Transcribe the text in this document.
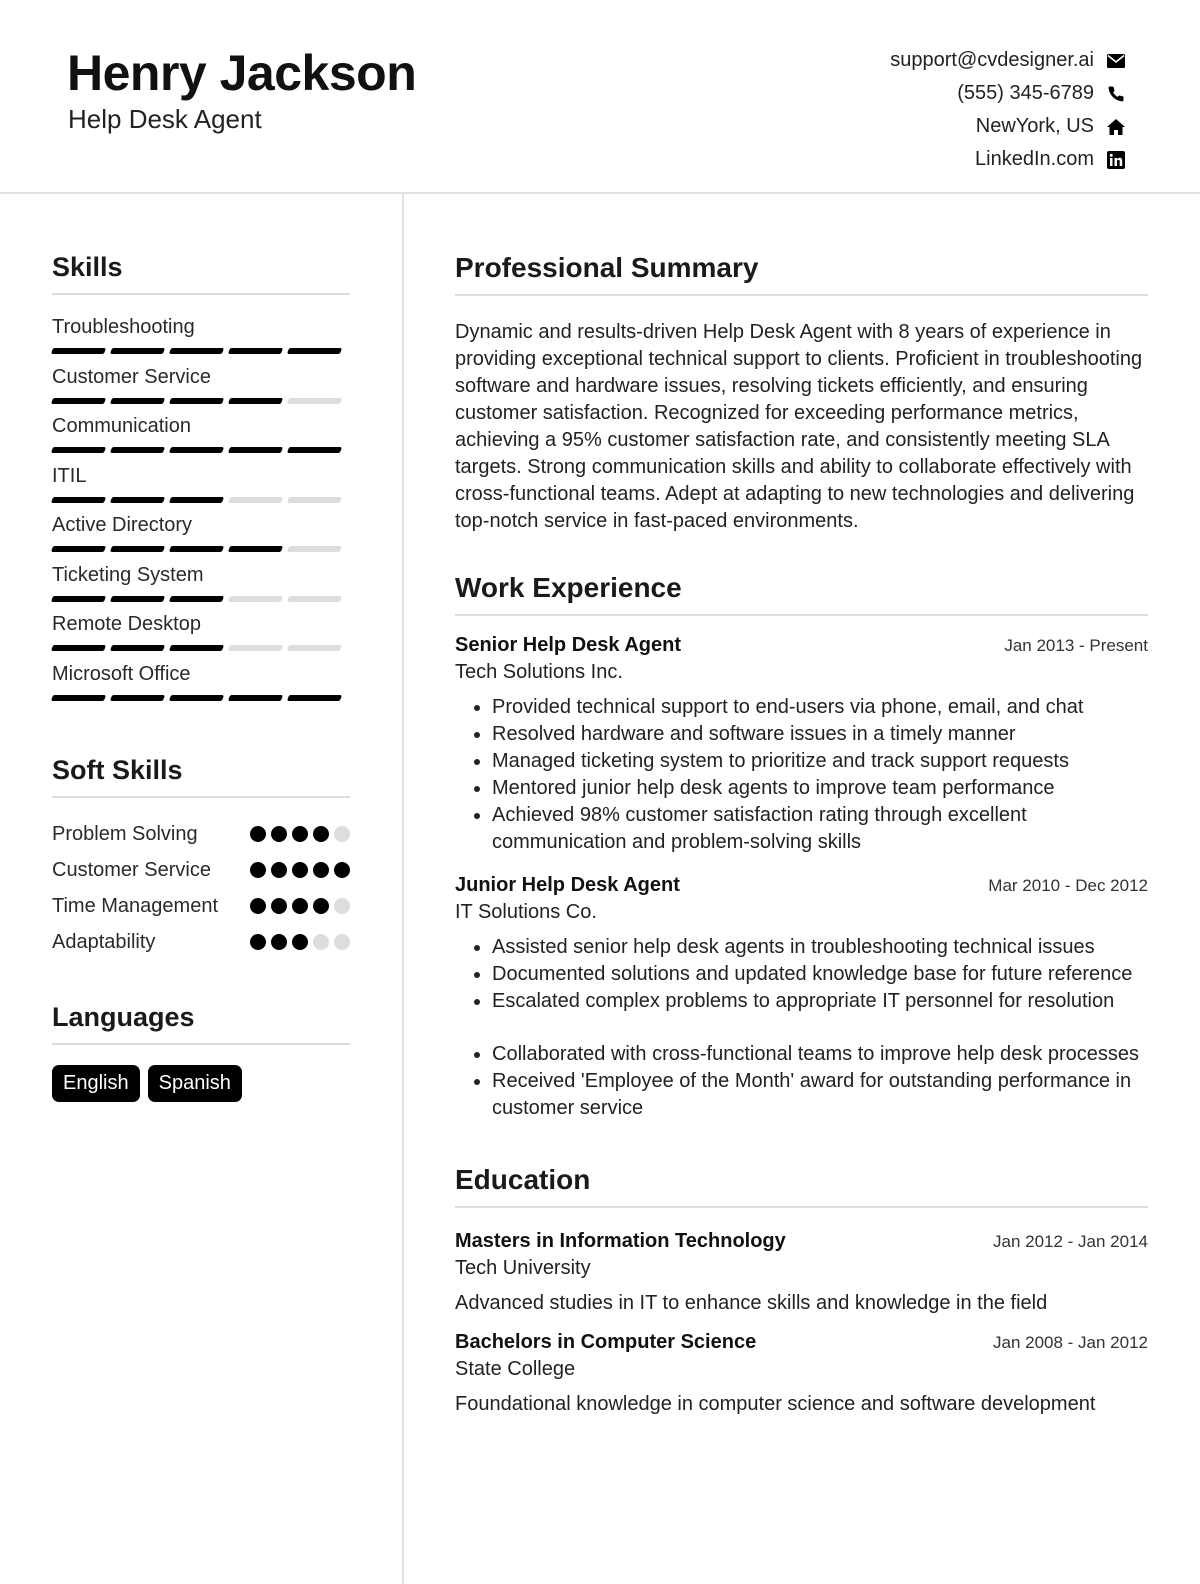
Henry Jackson
Help Desk Agent
support@cvdesigner.ai
(555) 345-6789
NewYork, US
LinkedIn.com
Skills
Troubleshooting
Customer Service
Communication
ITIL
Active Directory
Ticketing System
Remote Desktop
Microsoft Office
Soft Skills
Problem Solving
Customer Service
Time Management
Adaptability
Languages
English	Spanish
Professional Summary
Dynamic and results-driven Help Desk Agent with 8 years of experience in providing exceptional technical support to clients. Proficient in troubleshooting software and hardware issues, resolving tickets efficiently, and ensuring customer satisfaction. Recognized for exceeding performance metrics, achieving a 95% customer satisfaction rate, and consistently meeting SLA targets. Strong communication skills and ability to collaborate effectively with cross-functional teams. Adept at adapting to new technologies and delivering top-notch service in fast-paced environments.
Work Experience
Senior Help Desk Agent	Jan 2013 - Present
Tech Solutions Inc.
• Provided technical support to end-users via phone, email, and chat
• Resolved hardware and software issues in a timely manner
• Managed ticketing system to prioritize and track support requests
• Mentored junior help desk agents to improve team performance
• Achieved 98% customer satisfaction rating through excellent communication and problem-solving skills
Junior Help Desk Agent	Mar 2010 - Dec 2012
IT Solutions Co.
• Assisted senior help desk agents in troubleshooting technical issues
• Documented solutions and updated knowledge base for future reference
• Escalated complex problems to appropriate IT personnel for resolution
• Collaborated with cross-functional teams to improve help desk processes
• Received 'Employee of the Month' award for outstanding performance in customer service
Education
Masters in Information Technology	Jan 2012 - Jan 2014
Tech University
Advanced studies in IT to enhance skills and knowledge in the field
Bachelors in Computer Science	Jan 2008 - Jan 2012
State College
Foundational knowledge in computer science and software development
